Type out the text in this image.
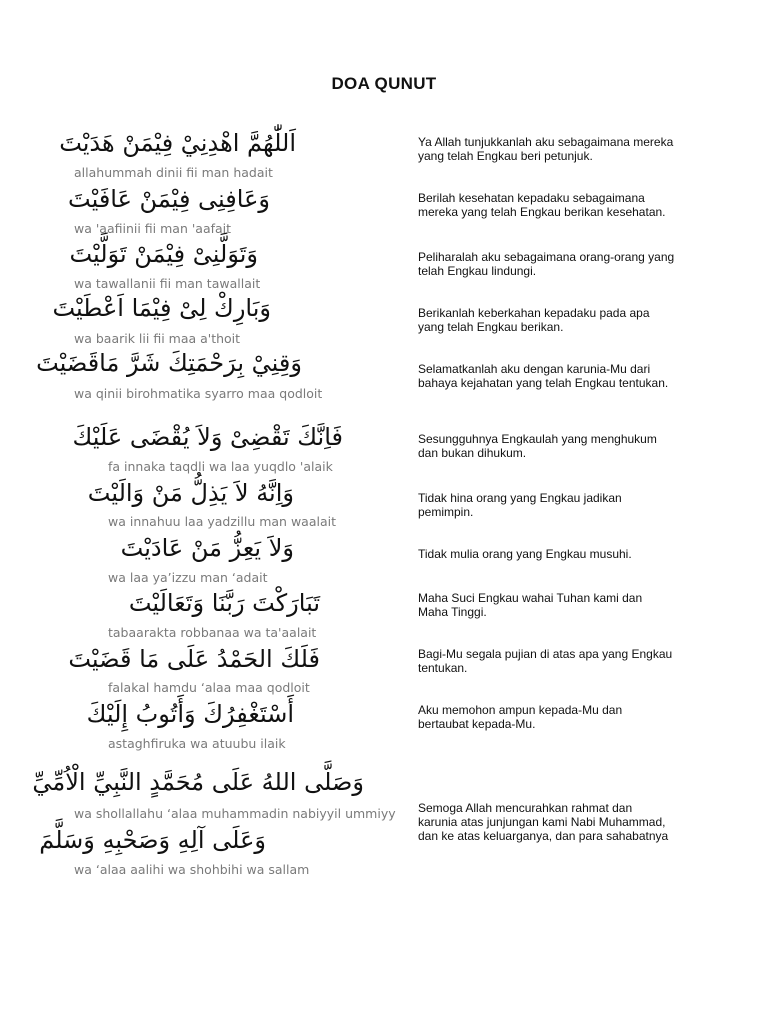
DOA QUNUT
اَللّٰهُمَّ اهْدِنِيْ فِيْمَنْ هَدَيْتَ
allahummah dinii fii man hadait
Ya Allah tunjukkanlah aku sebagaimana mereka
yang telah Engkau beri petunjuk.
وَعَافِنِى فِيْمَنْ عَافَيْتَ
wa 'aafiinii fii man 'aafait
Berilah kesehatan kepadaku sebagaimana
mereka yang telah Engkau berikan kesehatan.
وَتَوَلَّنِىْ فِيْمَنْ تَوَلَّيْتَ
wa tawallanii fii man tawallait
Peliharalah aku sebagaimana orang-orang yang
telah Engkau lindungi.
وَبَارِكْ لِىْ فِيْمَا اَعْطَيْتَ
wa baarik lii fii maa a'thoit
Berikanlah keberkahan kepadaku pada apa
yang telah Engkau berikan.
وَقِنِيْ بِرَحْمَتِكَ شَرَّ مَاقَضَيْتَ
wa qinii birohmatika syarro maa qodloit
Selamatkanlah aku dengan karunia-Mu dari
bahaya kejahatan yang telah Engkau tentukan.
فَاِنَّكَ تَقْضِىْ وَلاَ يُقْضَى عَلَيْكَ
fa innaka taqdli wa laa yuqdlo 'alaik
Sesungguhnya Engkaulah yang menghukum
dan bukan dihukum.
وَاِنَّهُ لاَ يَذِلُّ مَنْ وَالَيْتَ
wa innahuu laa yadzillu man waalait
Tidak hina orang yang Engkau jadikan
pemimpin.
وَلاَ يَعِزُّ مَنْ عَادَيْتَ
wa laa ya’izzu man ‘adait
Tidak mulia orang yang Engkau musuhi.
تَبَارَكْتَ رَبَّنَا وَتَعَالَيْتَ
tabaarakta robbanaa wa ta'aalait
Maha Suci Engkau wahai Tuhan kami dan
Maha Tinggi.
فَلَكَ الحَمْدُ عَلَى مَا قَضَيْتَ
falakal hamdu ‘alaa maa qodloit
Bagi-Mu segala pujian di atas apa yang Engkau
tentukan.
أَسْتَغْفِرُكَ وَأَتُوبُ إِلَيْكَ
astaghfiruka wa atuubu ilaik
Aku memohon ampun kepada-Mu dan
bertaubat kepada-Mu.
وَصَلَّى اللهُ عَلَى مُحَمَّدٍ النَّبِيِّ الْاُمِّيِّ
wa shollallahu ‘alaa muhammadin nabiyyil ummiyy Semoga Allah mencurahkan rahmat dan
karunia atas junjungan kami Nabi Muhammad,
dan ke atas keluarganya, dan para sahabatnya
وَعَلَى آلِهِ وَصَحْبِهِ وَسَلَّمَ
wa ‘alaa aalihi wa shohbihi wa sallam
